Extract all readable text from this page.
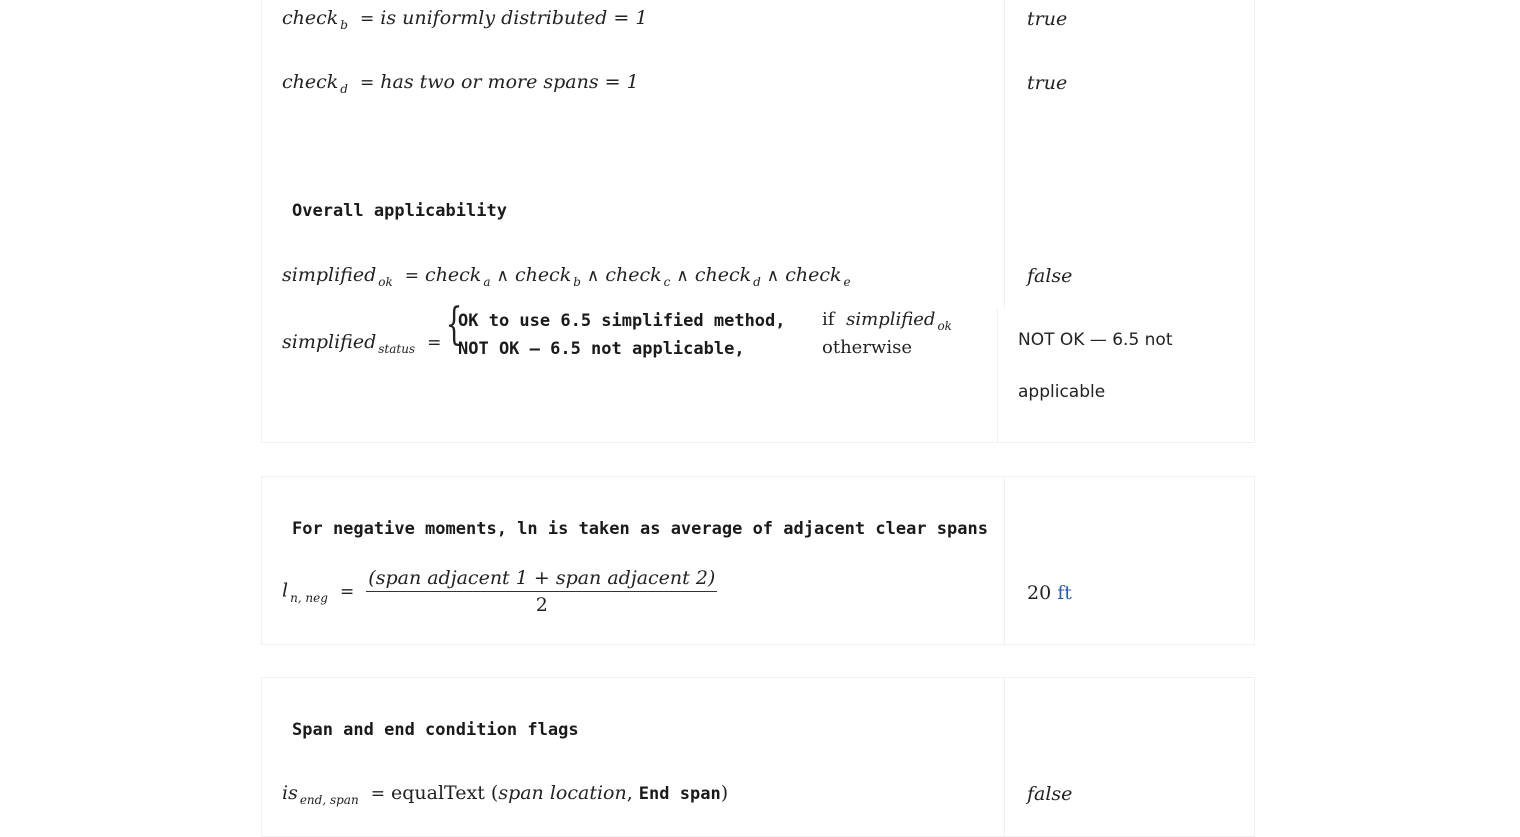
check $_b$ = is uniformly distributed = 1	true
check $_d$ = has two or more spans = 1	true
Overall applicability
simplified $_{ok}$ = check $_a$ ∧ check $_b$ ∧ check $_c$ ∧ check $_d$ ∧ check $_e$	false
simplified $_{status}$ = {
OK to use 6.5 simplified method,
NOT OK — 6.5 not applicable,
if simplified $_{ok}$
otherwise	NOT OK — 6.5 not
applicable
For negative moments, ln is taken as average of adjacent clear spans
l $_{n, neg} = \frac{\text{(span adjacent 1 + span adjacent 2)}}{2}$	20 ft
Span and end condition flags
is $_{end, span}$ = equalText (span location, End span)	false
